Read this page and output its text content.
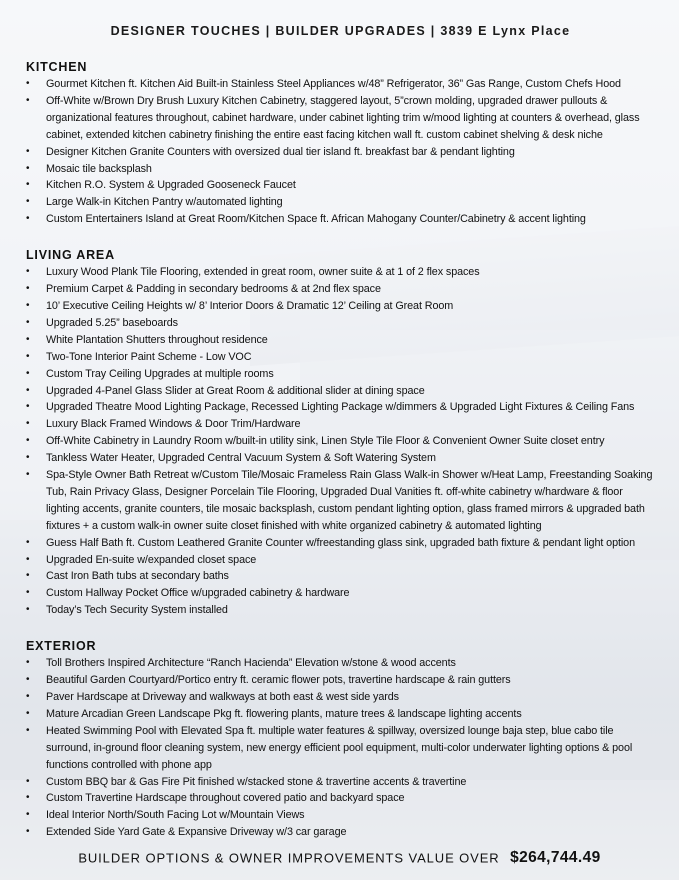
DESIGNER TOUCHES | BUILDER UPGRADES | 3839 E Lynx Place
KITCHEN
• Gourmet Kitchen ft. Kitchen Aid Built-in Stainless Steel Appliances w/48” Refrigerator, 36” Gas Range, Custom Chefs Hood
• Off-White w/Brown Dry Brush Luxury Kitchen Cabinetry, staggered layout, 5”crown molding, upgraded drawer pullouts & organizational features throughout, cabinet hardware, under cabinet lighting trim w/mood lighting at counters & overhead, glass cabinet, extended kitchen cabinetry finishing the entire east facing kitchen wall ft. custom cabinet shelving & desk niche
• Designer Kitchen Granite Counters with oversized dual tier island ft. breakfast bar & pendant lighting
• Mosaic tile backsplash
• Kitchen R.O. System & Upgraded Gooseneck Faucet
• Large Walk-in Kitchen Pantry w/automated lighting
• Custom Entertainers Island at Great Room/Kitchen Space ft. African Mahogany Counter/Cabinetry & accent lighting
LIVING AREA
• Luxury Wood Plank Tile Flooring, extended in great room, owner suite & at 1 of 2 flex spaces
• Premium Carpet & Padding in secondary bedrooms & at 2nd flex space
• 10’ Executive Ceiling Heights w/ 8’ Interior Doors & Dramatic 12’ Ceiling at Great Room
• Upgraded 5.25” baseboards
• White Plantation Shutters throughout residence
• Two-Tone Interior Paint Scheme - Low VOC
• Custom Tray Ceiling Upgrades at multiple rooms
• Upgraded 4-Panel Glass Slider at Great Room & additional slider at dining space
• Upgraded Theatre Mood Lighting Package, Recessed Lighting Package w/dimmers & Upgraded Light Fixtures & Ceiling Fans
• Luxury Black Framed Windows & Door Trim/Hardware
• Off-White Cabinetry in Laundry Room w/built-in utility sink, Linen Style Tile Floor & Convenient Owner Suite closet entry
• Tankless Water Heater, Upgraded Central Vacuum System & Soft Watering System
• Spa-Style Owner Bath Retreat w/Custom Tile/Mosaic Frameless Rain Glass Walk-in Shower w/Heat Lamp, Freestanding Soaking Tub, Rain Privacy Glass, Designer Porcelain Tile Flooring, Upgraded Dual Vanities ft. off-white cabinetry w/hardware & floor lighting accents, granite counters, tile mosaic backsplash, custom pendant lighting option, glass framed mirrors & upgraded bath fixtures + a custom walk-in owner suite closet finished with white organized cabinetry & automated lighting
• Guess Half Bath ft. Custom Leathered Granite Counter w/freestanding glass sink, upgraded bath fixture & pendant light option
• Upgraded En-suite w/expanded closet space
• Cast Iron Bath tubs at secondary baths
• Custom Hallway Pocket Office w/upgraded cabinetry & hardware
• Today’s Tech Security System installed
EXTERIOR
• Toll Brothers Inspired Architecture “Ranch Hacienda” Elevation w/stone & wood accents
• Beautiful Garden Courtyard/Portico entry ft. ceramic flower pots, travertine hardscape & rain gutters
• Paver Hardscape at Driveway and walkways at both east & west side yards
• Mature Arcadian Green Landscape Pkg ft. flowering plants, mature trees & landscape lighting accents
• Heated Swimming Pool with Elevated Spa ft. multiple water features & spillway, oversized lounge baja step, blue cabo tile surround, in-ground floor cleaning system, new energy efficient pool equipment, multi-color underwater lighting options & pool functions controlled with phone app
• Custom BBQ bar & Gas Fire Pit finished w/stacked stone & travertine accents & travertine
• Custom Travertine Hardscape throughout covered patio and backyard space
• Ideal Interior North/South Facing Lot w/Mountain Views
• Extended Side Yard Gate & Expansive Driveway w/3 car garage
BUILDER OPTIONS & OWNER IMPROVEMENTS VALUE OVER $264,744.49
